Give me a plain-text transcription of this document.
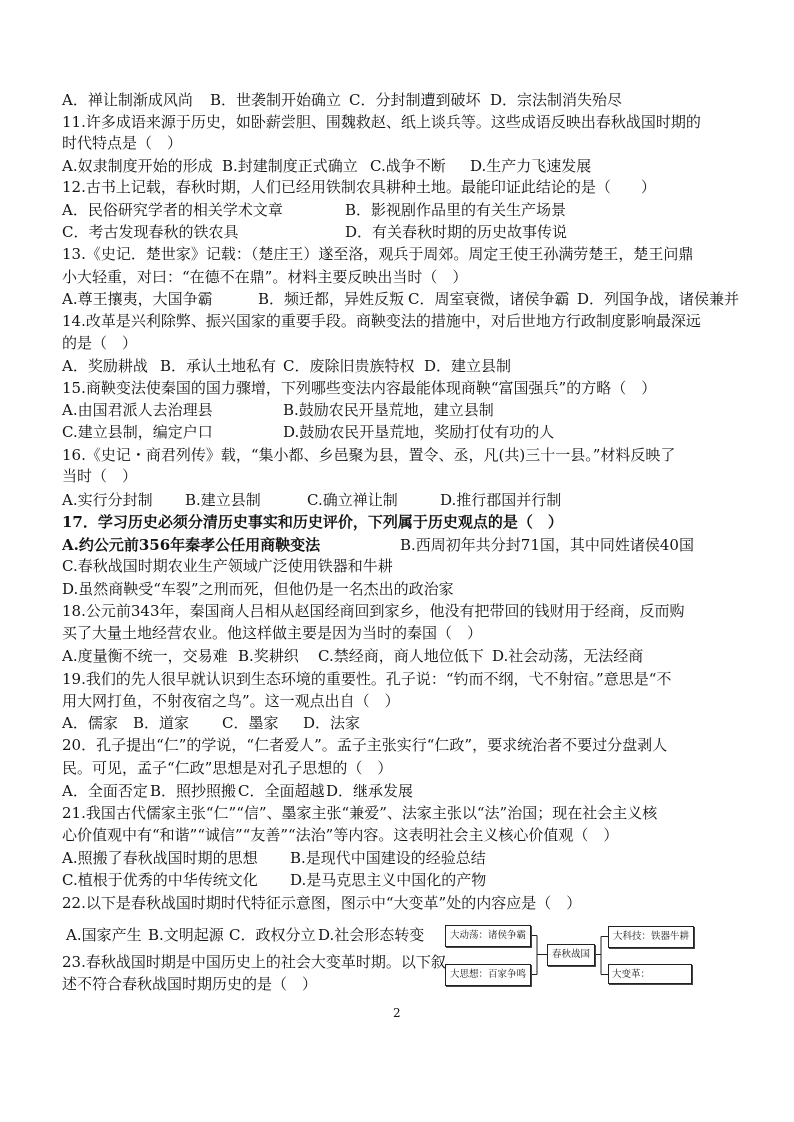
A．禅让制渐成风尚 B．世袭制开始确立 C．分封制遭到破坏 D．宗法制消失殆尽
11.许多成语来源于历史，如卧薪尝胆、围魏救赵、纸上谈兵等。这些成语反映出春秋战国时期的
时代特点是（　）
A.奴隶制度开始的形成 B.封建制度正式确立 C.战争不断 D.生产力飞速发展
12.古书上记载，春秋时期，人们已经用铁制农具耕种土地。最能印证此结论的是（　　）
A．民俗研究学者的相关学术文章	B．影视剧作品里的有关生产场景
C．考古发现春秋的铁农具	D．有关春秋时期的历史故事传说
13.《史记．楚世家》记载：（楚庄王）遂至洛，观兵于周郊。周定王使王孙满劳楚王，楚王问鼎
小大轻重，对曰：“在德不在鼎”。材料主要反映出当时（　）
A.尊王攘夷，大国争霸	B．频迁都，异姓反叛 C．周室衰微，诸侯争霸 D．列国争战，诸侯兼并
14.改革是兴利除弊、振兴国家的重要手段。商鞅变法的措施中，对后世地方行政制度影响最深远
的是（　）
A．奖励耕战 B．承认土地私有 C．废除旧贵族特权 D．建立县制
15.商鞅变法使秦国的国力骤增，下列哪些变法内容最能体现商鞅“富国强兵”的方略（　）
A.由国君派人去治理县	B.鼓励农民开垦荒地，建立县制
C.建立县制，编定户口	D.鼓励农民开垦荒地，奖励打仗有功的人
16.《史记・商君列传》载，“集小都、乡邑聚为县，置令、丞，凡(共)三十一县。”材料反映了
当时（　）
A.实行分封制 B.建立县制	C.确立禅让制	D.推行郡国并行制
17．学习历史必须分清历史事实和历史评价，下列属于历史观点的是（　）
A.约公元前356年秦孝公任用商鞅变法	B.西周初年共分封71国，其中同姓诸侯40国
C.春秋战国时期农业生产领域广泛使用铁器和牛耕
D.虽然商鞅受“车裂”之刑而死，但他仍是一名杰出的政治家
18.公元前343年，秦国商人吕相从赵国经商回到家乡，他没有把带回的钱财用于经商，反而购
买了大量土地经营农业。他这样做主要是因为当时的秦国（　）
A.度量衡不统一，交易难 B.奖耕织 C.禁经商，商人地位低下 D.社会动荡，无法经商
19.我们的先人很早就认识到生态环境的重要性。孔子说：“钓而不纲，弋不射宿。”意思是“不
用大网打鱼，不射夜宿之鸟”。这一观点出自（　）
A．儒家 B．道家 C．墨家 D．法家
20．孔子提出“仁”的学说，“仁者爱人”。孟子主张实行“仁政”，要求统治者不要过分盘剥人
民。可见，孟子“仁政”思想是对孔子思想的（　）
A．全面否定 B．照抄照搬 C．全面超越 D．继承发展
21.我国古代儒家主张“仁”“信”、墨家主张“兼爱”、法家主张以“法”治国；现在社会主义核
心价值观中有“和谐”“诚信”“友善”“法治”等内容。这表明社会主义核心价值观（　）
A.照搬了春秋战国时期的思想 B.是现代中国建设的经验总结
C.植根于优秀的中华传统文化 D.是马克思主义中国化的产物
22.以下是春秋战国时期时代特征示意图，图示中“大变革”处的内容应是（　）
A.国家产生 B.文明起源 C．政权分立 D.社会形态转变	大动荡：诸侯争霸
大思想：百家争鸣
春秋战国
大科技：铁器牛耕
大变革：
23.春秋战国时期是中国历史上的社会大变革时期。以下叙
述不符合春秋战国时期历史的是（　）
2
